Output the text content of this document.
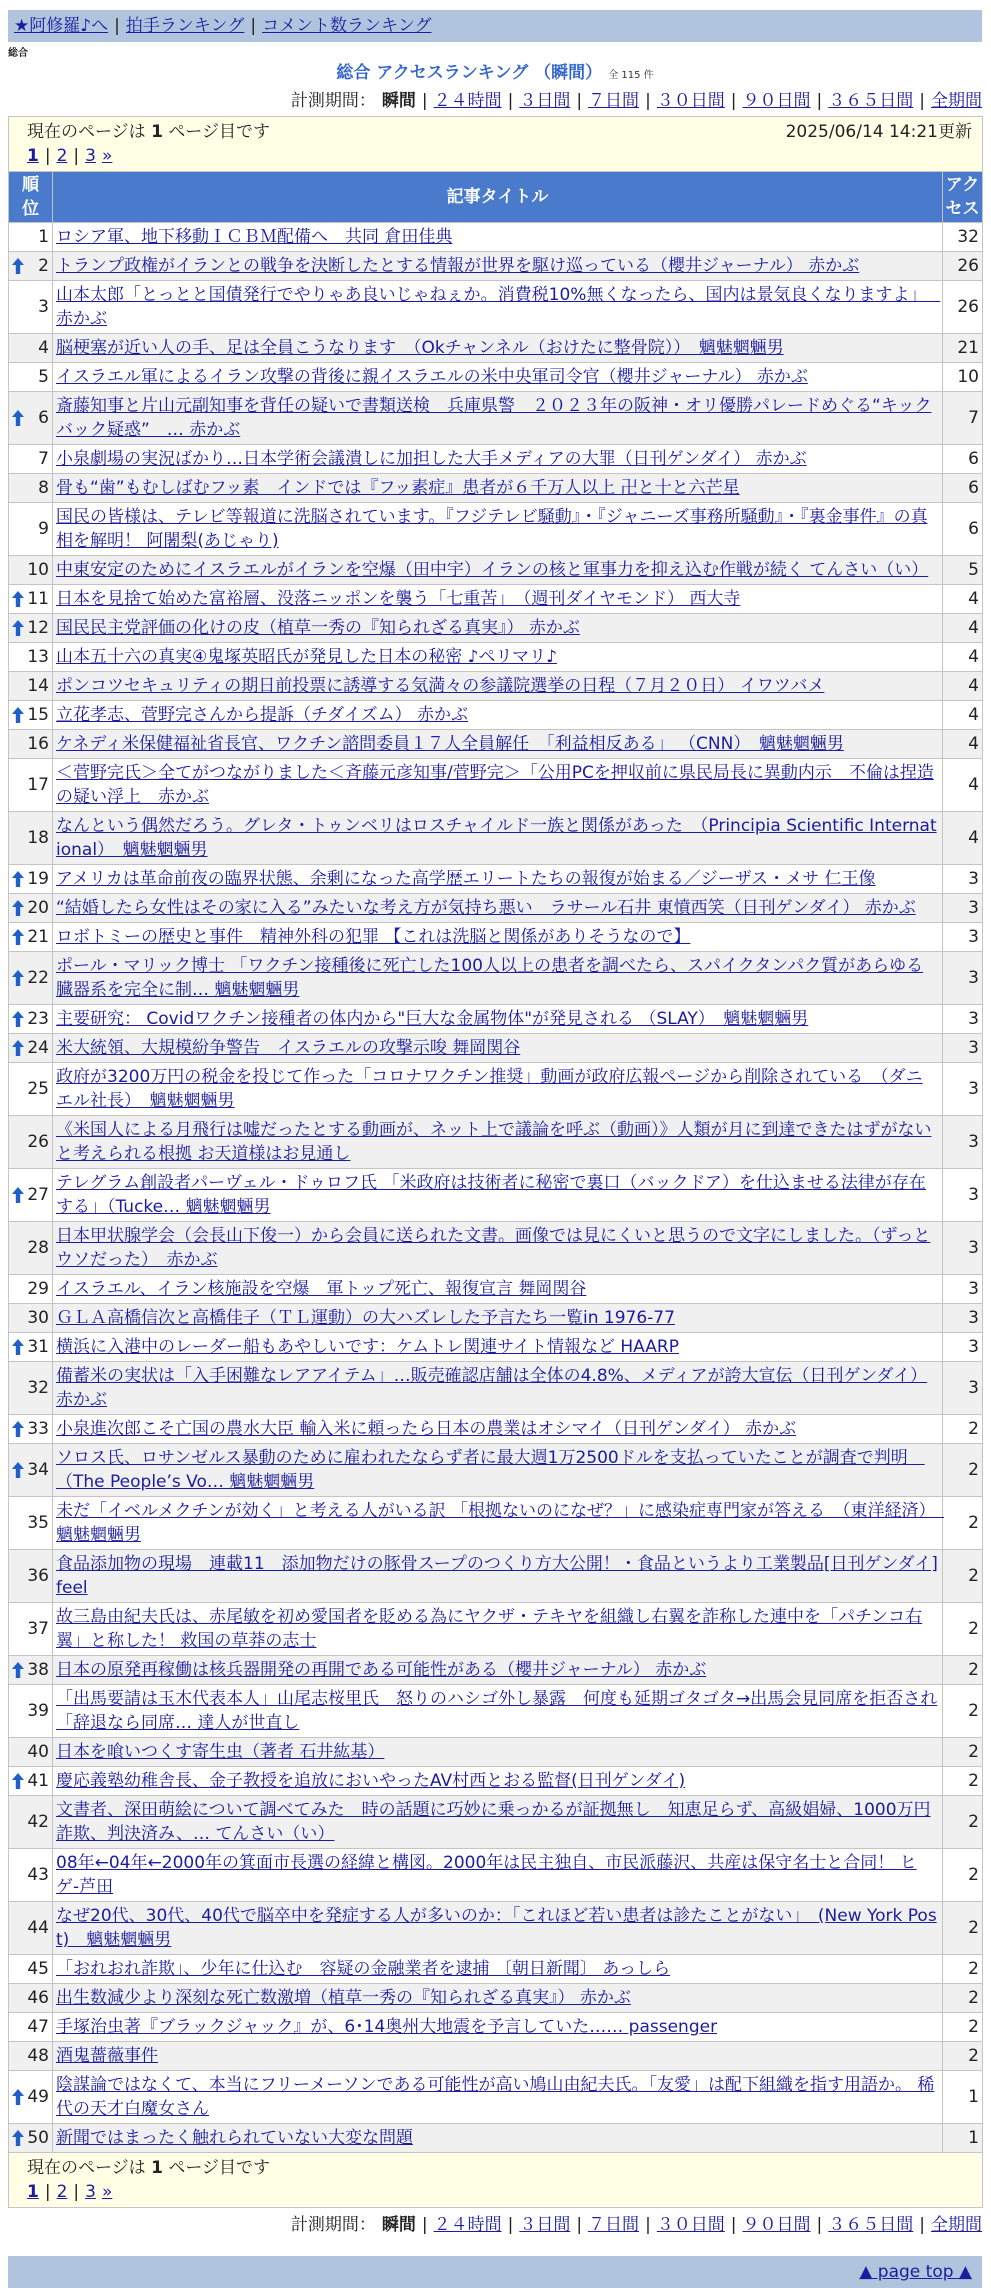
★阿修羅♪へ | 拍手ランキング | コメント数ランキング
総合
総合 アクセスランキング （瞬間） 全 115 件
計測期間： 瞬間 | ２４時間 | ３日間 | ７日間 | ３０日間 | ９０日間 | ３６５日間 | 全期間
現在のページは 1 ページ目です 2025/06/14 14:21更新
1 | 2 | 3 »		

順位	記事タイトル	アクセス

1	ロシア軍、地下移動ＩＣＢＭ配備へ　共同 倉田佳典	32

2	トランプ政権がイランとの戦争を決断したとする情報が世界を駆け巡っている（櫻井ジャーナル） 赤かぶ	26

3	山本太郎「とっとと国債発行でやりゃあ良いじゃねぇか。消費税10%無くなったら、国内は景気良くなりますよ」　 赤かぶ	26

4	脳梗塞が近い人の手、足は全員こうなります　（Okチャンネル（おけたに整骨院））　魑魅魍魎男	21

5	イスラエル軍によるイラン攻撃の背後に親イスラエルの米中央軍司令官（櫻井ジャーナル） 赤かぶ	10

6	斎藤知事と片山元副知事を背任の疑いで書類送検　兵庫県警　２０２３年の阪神・オリ優勝パレードめぐる“キックバック疑惑”　… 赤かぶ	7

7	小泉劇場の実況ばかり…日本学術会議潰しに加担した大手メディアの大罪（日刊ゲンダイ） 赤かぶ	6

8	骨も“歯”もむしばむフッ素　インドでは『フッ素症』患者が６千万人以上 卍と十と六芒星	6

9	国民の皆様は、テレビ等報道に洗脳されています。『フジテレビ騒動』・『ジャニーズ事務所騒動』・『裏金事件』の真相を解明！ 阿闍梨(あじゃり)	6

10	中東安定のためにイスラエルがイランを空爆（田中宇）イランの核と軍事力を抑え込む作戦が続く てんさい（い）	5

11	日本を見捨て始めた富裕層、没落ニッポンを襲う「七重苦」　（週刊ダイヤモンド） 西大寺	4

12	国民民主党評価の化けの皮（植草一秀の『知られざる真実』） 赤かぶ	4

13	山本五十六の真実④鬼塚英昭氏が発見した日本の秘密 ♪ペリマリ♪	4

14	ポンコツセキュリティの期日前投票に誘導する気満々の参議院選挙の日程（７月２０日） イワツバメ	4

15	立花孝志、菅野完さんから提訴（チダイズム） 赤かぶ	4

16	ケネディ米保健福祉省長官、ワクチン諮問委員１７人全員解任　「利益相反ある」 （CNN）　魑魅魍魎男	4

17	＜菅野完氏＞全てがつながりました＜斉藤元彦知事/菅野完＞「公用PCを押収前に県民局長に異動内示　不倫は捏造の疑い浮上　赤かぶ	4

18	なんという偶然だろう。グレタ・トゥンベリはロスチャイルド一族と関係があった　（Principia Scientific International）　魑魅魍魎男	4

19	アメリカは革命前夜の臨界状態、余剰になった高学歴エリートたちの報復が始まる／ジーザス・メサ 仁王像	3

20	“結婚したら女性はその家に入る”みたいな考え方が気持ち悪い　ラサール石井 東憤西笑（日刊ゲンダイ） 赤かぶ	3

21	ロボトミーの歴史と事件　精神外科の犯罪 【これは洗脳と関係がありそうなので】	3

22	ポール・マリック博士 「ワクチン接種後に死亡した100人以上の患者を調べたら、スパイクタンパク質があらゆる臓器系を完全に制… 魑魅魍魎男	3

23	主要研究： Covidワクチン接種者の体内から"巨大な金属物体"が発見される （SLAY）　魑魅魍魎男	3

24	米大統領、大規模紛争警告　イスラエルの攻撃示唆 舞岡関谷	3

25	政府が3200万円の税金を投じて作った「コロナワクチン推奨」動画が政府広報ページから削除されている　（ダニエル社長）　魑魅魍魎男	3

26	《米国人による月飛行は嘘だったとする動画が、ネット上で議論を呼ぶ（動画）》人類が月に到達できたはずがないと考えられる根拠 お天道様はお見通し	3

27	テレグラム創設者パーヴェル・ドゥロフ氏 「米政府は技術者に秘密で裏口（バックドア）を仕込ませる法律が存在する」（Tucke… 魑魅魍魎男	3

28	日本甲状腺学会（会長山下俊一）から会員に送られた文書。画像では見にくいと思うので文字にしました。（ずっとウソだった）　赤かぶ	3

29	イスラエル、イラン核施設を空爆　軍トップ死亡、報復宣言 舞岡関谷	3

30	ＧＬＡ高橋信次と高橋佳子（ＴＬ運動）の大ハズレした予言たち一覧in 1976-77	3

31	横浜に入港中のレーダー船もあやしいです：ケムトレ関連サイト情報など HAARP	3

32	備蓄米の実状は「入手困難なレアアイテム」…販売確認店舗は全体の4.8%、メディアが誇大宣伝（日刊ゲンダイ） 赤かぶ	3

33	小泉進次郎こそ亡国の農水大臣 輸入米に頼ったら日本の農業はオシマイ（日刊ゲンダイ） 赤かぶ	2

34	ソロス氏、ロサンゼルス暴動のために雇われたならず者に最大週1万2500ドルを支払っていたことが調査で判明　（The People’s Vo… 魑魅魍魎男	2

35	未だ「イベルメクチンが効く」と考える人がいる訳 「根拠ないのになぜ？」に感染症専門家が答える　（東洋経済）　魑魅魍魎男	2

36	食品添加物の現場　連載11　添加物だけの豚骨スープのつくり方大公開！・食品というより工業製品[日刊ゲンダイ] feel	2

37	故三島由紀夫氏は、赤尾敏を初め愛国者を貶める為にヤクザ・テキヤを組織し右翼を詐称した連中を「パチンコ右翼」と称した！ 救国の草莽の志士	2

38	日本の原発再稼働は核兵器開発の再開である可能性がある（櫻井ジャーナル） 赤かぶ	2

39	「出馬要請は玉木代表本人」山尾志桜里氏　怒りのハシゴ外し暴露　何度も延期ゴタゴタ→出馬会見同席を拒否され「辞退なら同席… 達人が世直し	2

40	日本を喰いつくす寄生虫（著者 石井紘基）	2

41	慶応義塾幼稚舎長、金子教授を追放においやったAV村西とおる監督(日刊ゲンダイ)	2

42	文書者、深田萌絵について調べてみた　時の話題に巧妙に乗っかるが証拠無し　知恵足らず、高級娼婦、1000万円詐欺、判決済み、… てんさい（い）	2

43	08年←04年←2000年の箕面市長選の経緯と構図。2000年は民主独自、市民派藤沢、共産は保守名士と合同！ ヒゲ-芦田	2

44	なぜ20代、30代、40代で脳卒中を発症する人が多いのか：「これほど若い患者は診たことがない」　(New York Post)　魑魅魍魎男	2

45	「おれおれ詐欺」、少年に仕込む　容疑の金融業者を逮捕 〔朝日新聞〕 あっしら	2

46	出生数減少より深刻な死亡数激増（植草一秀の『知られざる真実』） 赤かぶ	2

47	手塚治虫著『ブラックジャック』が、6･14奥州大地震を予言していた…… passenger	2

48	酒鬼薔薇事件	2

49	陰謀論ではなくて、本当にフリーメーソンである可能性が高い鳩山由紀夫氏。「友愛」は配下組織を指す用語か。 稀代の天才白魔女さん	1

50	新聞ではまったく触れられていない大変な問題	1

現在のページは 1 ページ目です
1 | 2 | 3 »		
計測期間： 瞬間 | ２４時間 | ３日間 | ７日間 | ３０日間 | ９０日間 | ３６５日間 | 全期間
▲ page top ▲
